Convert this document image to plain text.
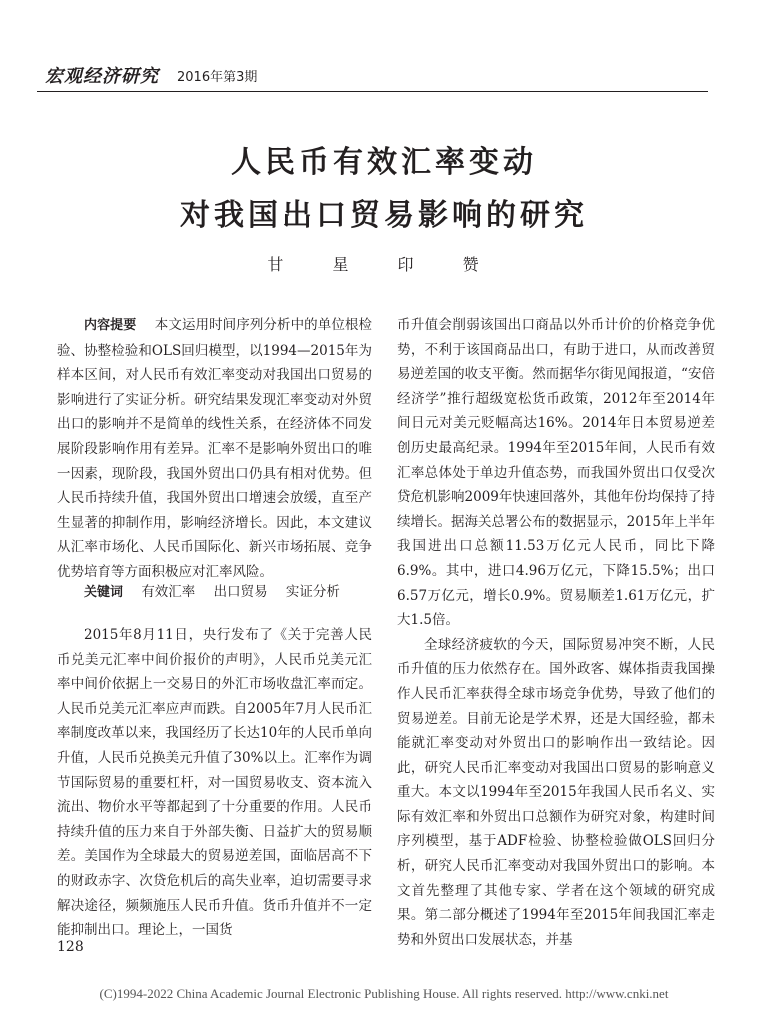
宏观经济研究 2016年第3期
人民币有效汇率变动
对我国出口贸易影响的研究
甘 星 印 赞
内容提要 本文运用时间序列分析中的单位根检验、协整检验和OLS回归模型，以1994—2015年为样本区间，对人民币有效汇率变动对我国出口贸易的影响进行了实证分析。研究结果发现汇率变动对外贸出口的影响并不是简单的线性关系，在经济体不同发展阶段影响作用有差异。汇率不是影响外贸出口的唯一因素，现阶段，我国外贸出口仍具有相对优势。但人民币持续升值，我国外贸出口增速会放缓，直至产生显著的抑制作用，影响经济增长。因此，本文建议从汇率市场化、人民币国际化、新兴市场拓展、竞争优势培育等方面积极应对汇率风险。
关键词 有效汇率 出口贸易 实证分析

2015年8月11日，央行发布了《关于完善人民币兑美元汇率中间价报价的声明》，人民币兑美元汇率中间价依据上一交易日的外汇市场收盘汇率而定。人民币兑美元汇率应声而跌。自2005年7月人民币汇率制度改革以来，我国经历了长达10年的人民币单向升值，人民币兑换美元升值了30%以上。汇率作为调节国际贸易的重要杠杆，对一国贸易收支、资本流入流出、物价水平等都起到了十分重要的作用。人民币持续升值的压力来自于外部失衡、日益扩大的贸易顺差。美国作为全球最大的贸易逆差国，面临居高不下的财政赤字、次贷危机后的高失业率，迫切需要寻求解决途径，频频施压人民币升值。货币升值并不一定能抑制出口。理论上，一国货

币升值会削弱该国出口商品以外币计价的价格竞争优势，不利于该国商品出口，有助于进口，从而改善贸易逆差国的收支平衡。然而据华尔街见闻报道，“安倍经济学”推行超级宽松货币政策，2012年至2014年间日元对美元贬幅高达16%。2014年日本贸易逆差创历史最高纪录。1994年至2015年间，人民币有效汇率总体处于单边升值态势，而我国外贸出口仅受次贷危机影响2009年快速回落外，其他年份均保持了持续增长。据海关总署公布的数据显示，2015年上半年我国进出口总额11.53万亿元人民币，同比下降6.9%。其中，进口4.96万亿元，下降15.5%；出口6.57万亿元，增长0.9%。贸易顺差1.61万亿元，扩大1.5倍。

全球经济疲软的今天，国际贸易冲突不断，人民币升值的压力依然存在。国外政客、媒体指责我国操作人民币汇率获得全球市场竞争优势，导致了他们的贸易逆差。目前无论是学术界，还是大国经验，都未能就汇率变动对外贸出口的影响作出一致结论。因此，研究人民币汇率变动对我国出口贸易的影响意义重大。本文以1994年至2015年我国人民币名义、实际有效汇率和外贸出口总额作为研究对象，构建时间序列模型，基于ADF检验、协整检验做OLS回归分析，研究人民币汇率变动对我国外贸出口的影响。本文首先整理了其他专家、学者在这个领域的研究成果。第二部分概述了1994年至2015年间我国汇率走势和外贸出口发展状态，并基

128
(C)1994-2022 China Academic Journal Electronic Publishing House. All rights reserved. http://www.cnki.net
